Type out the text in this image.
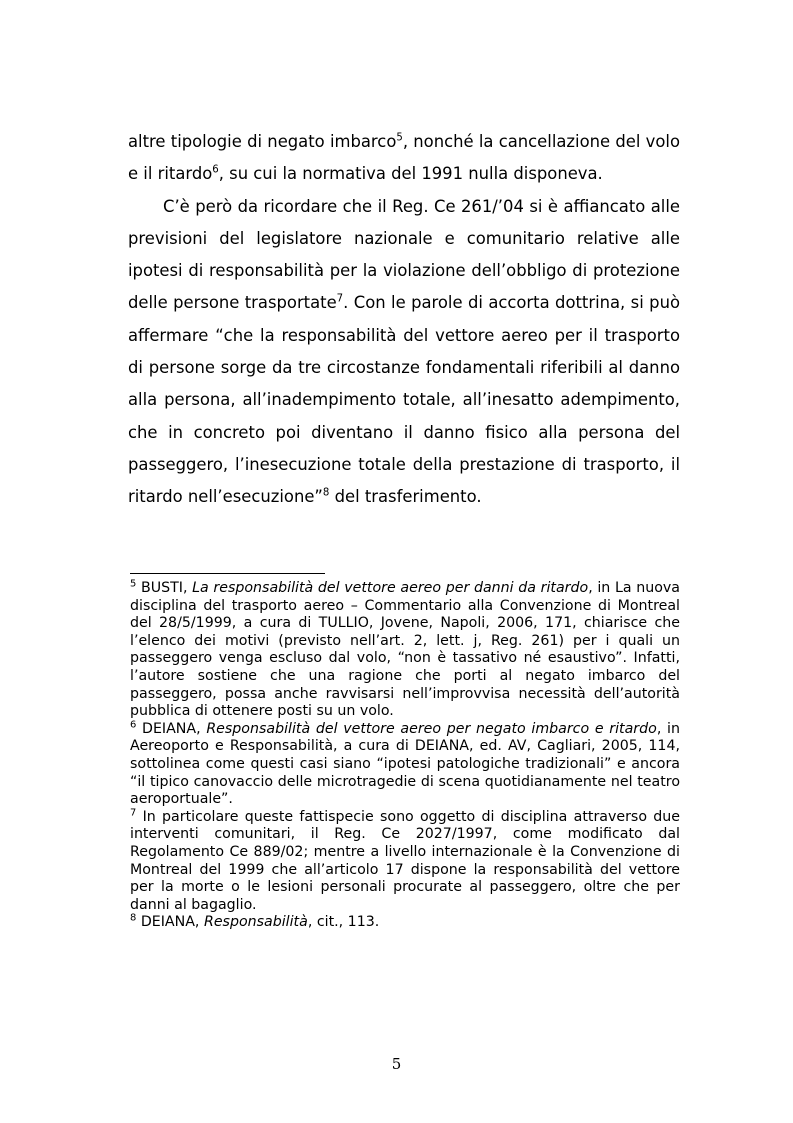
altre tipologie di negato imbarco$^5$, nonché la cancellazione del volo e il ritardo$^6$, su cui la normativa del 1991 nulla disponeva.

C’è però da ricordare che il Reg. Ce 261/’04 si è affiancato alle previsioni del legislatore nazionale e comunitario relative alle ipotesi di responsabilità per la violazione dell’obbligo di protezione delle persone trasportate$^7$. Con le parole di accorta dottrina, si può affermare “che la responsabilità del vettore aereo per il trasporto di persone sorge da tre circostanze fondamentali riferibili al danno alla persona, all’inadempimento totale, all’inesatto adempimento, che in concreto poi diventano il danno fisico alla persona del passeggero, l’inesecuzione totale della prestazione di trasporto, il ritardo nell’esecuzione”$^8$ del trasferimento.

$^5$ BUSTI, La responsabilità del vettore aereo per danni da ritardo, in La nuova disciplina del trasporto aereo – Commentario alla Convenzione di Montreal del 28/5/1999, a cura di TULLIO, Jovene, Napoli, 2006, 171, chiarisce che l’elenco dei motivi (previsto nell’art. 2, lett. j, Reg. 261) per i quali un passeggero venga escluso dal volo, “non è tassativo né esaustivo”. Infatti, l’autore sostiene che una ragione che porti al negato imbarco del passeggero, possa anche ravvisarsi nell’improvvisa necessità dell’autorità pubblica di ottenere posti su un volo.

$^6$ DEIANA, Responsabilità del vettore aereo per negato imbarco e ritardo, in Aereoporto e Responsabilità, a cura di DEIANA, ed. AV, Cagliari, 2005, 114, sottolinea come questi casi siano “ipotesi patologiche tradizionali” e ancora “il tipico canovaccio delle microtragedie di scena quotidianamente nel teatro aeroportuale”.

$^7$ In particolare queste fattispecie sono oggetto di disciplina attraverso due interventi comunitari, il Reg. Ce 2027/1997, come modificato dal Regolamento Ce 889/02; mentre a livello internazionale è la Convenzione di Montreal del 1999 che all’articolo 17 dispone la responsabilità del vettore per la morte o le lesioni personali procurate al passeggero, oltre che per danni al bagaglio.

$^8$ DEIANA, Responsabilità, cit., 113.

5
